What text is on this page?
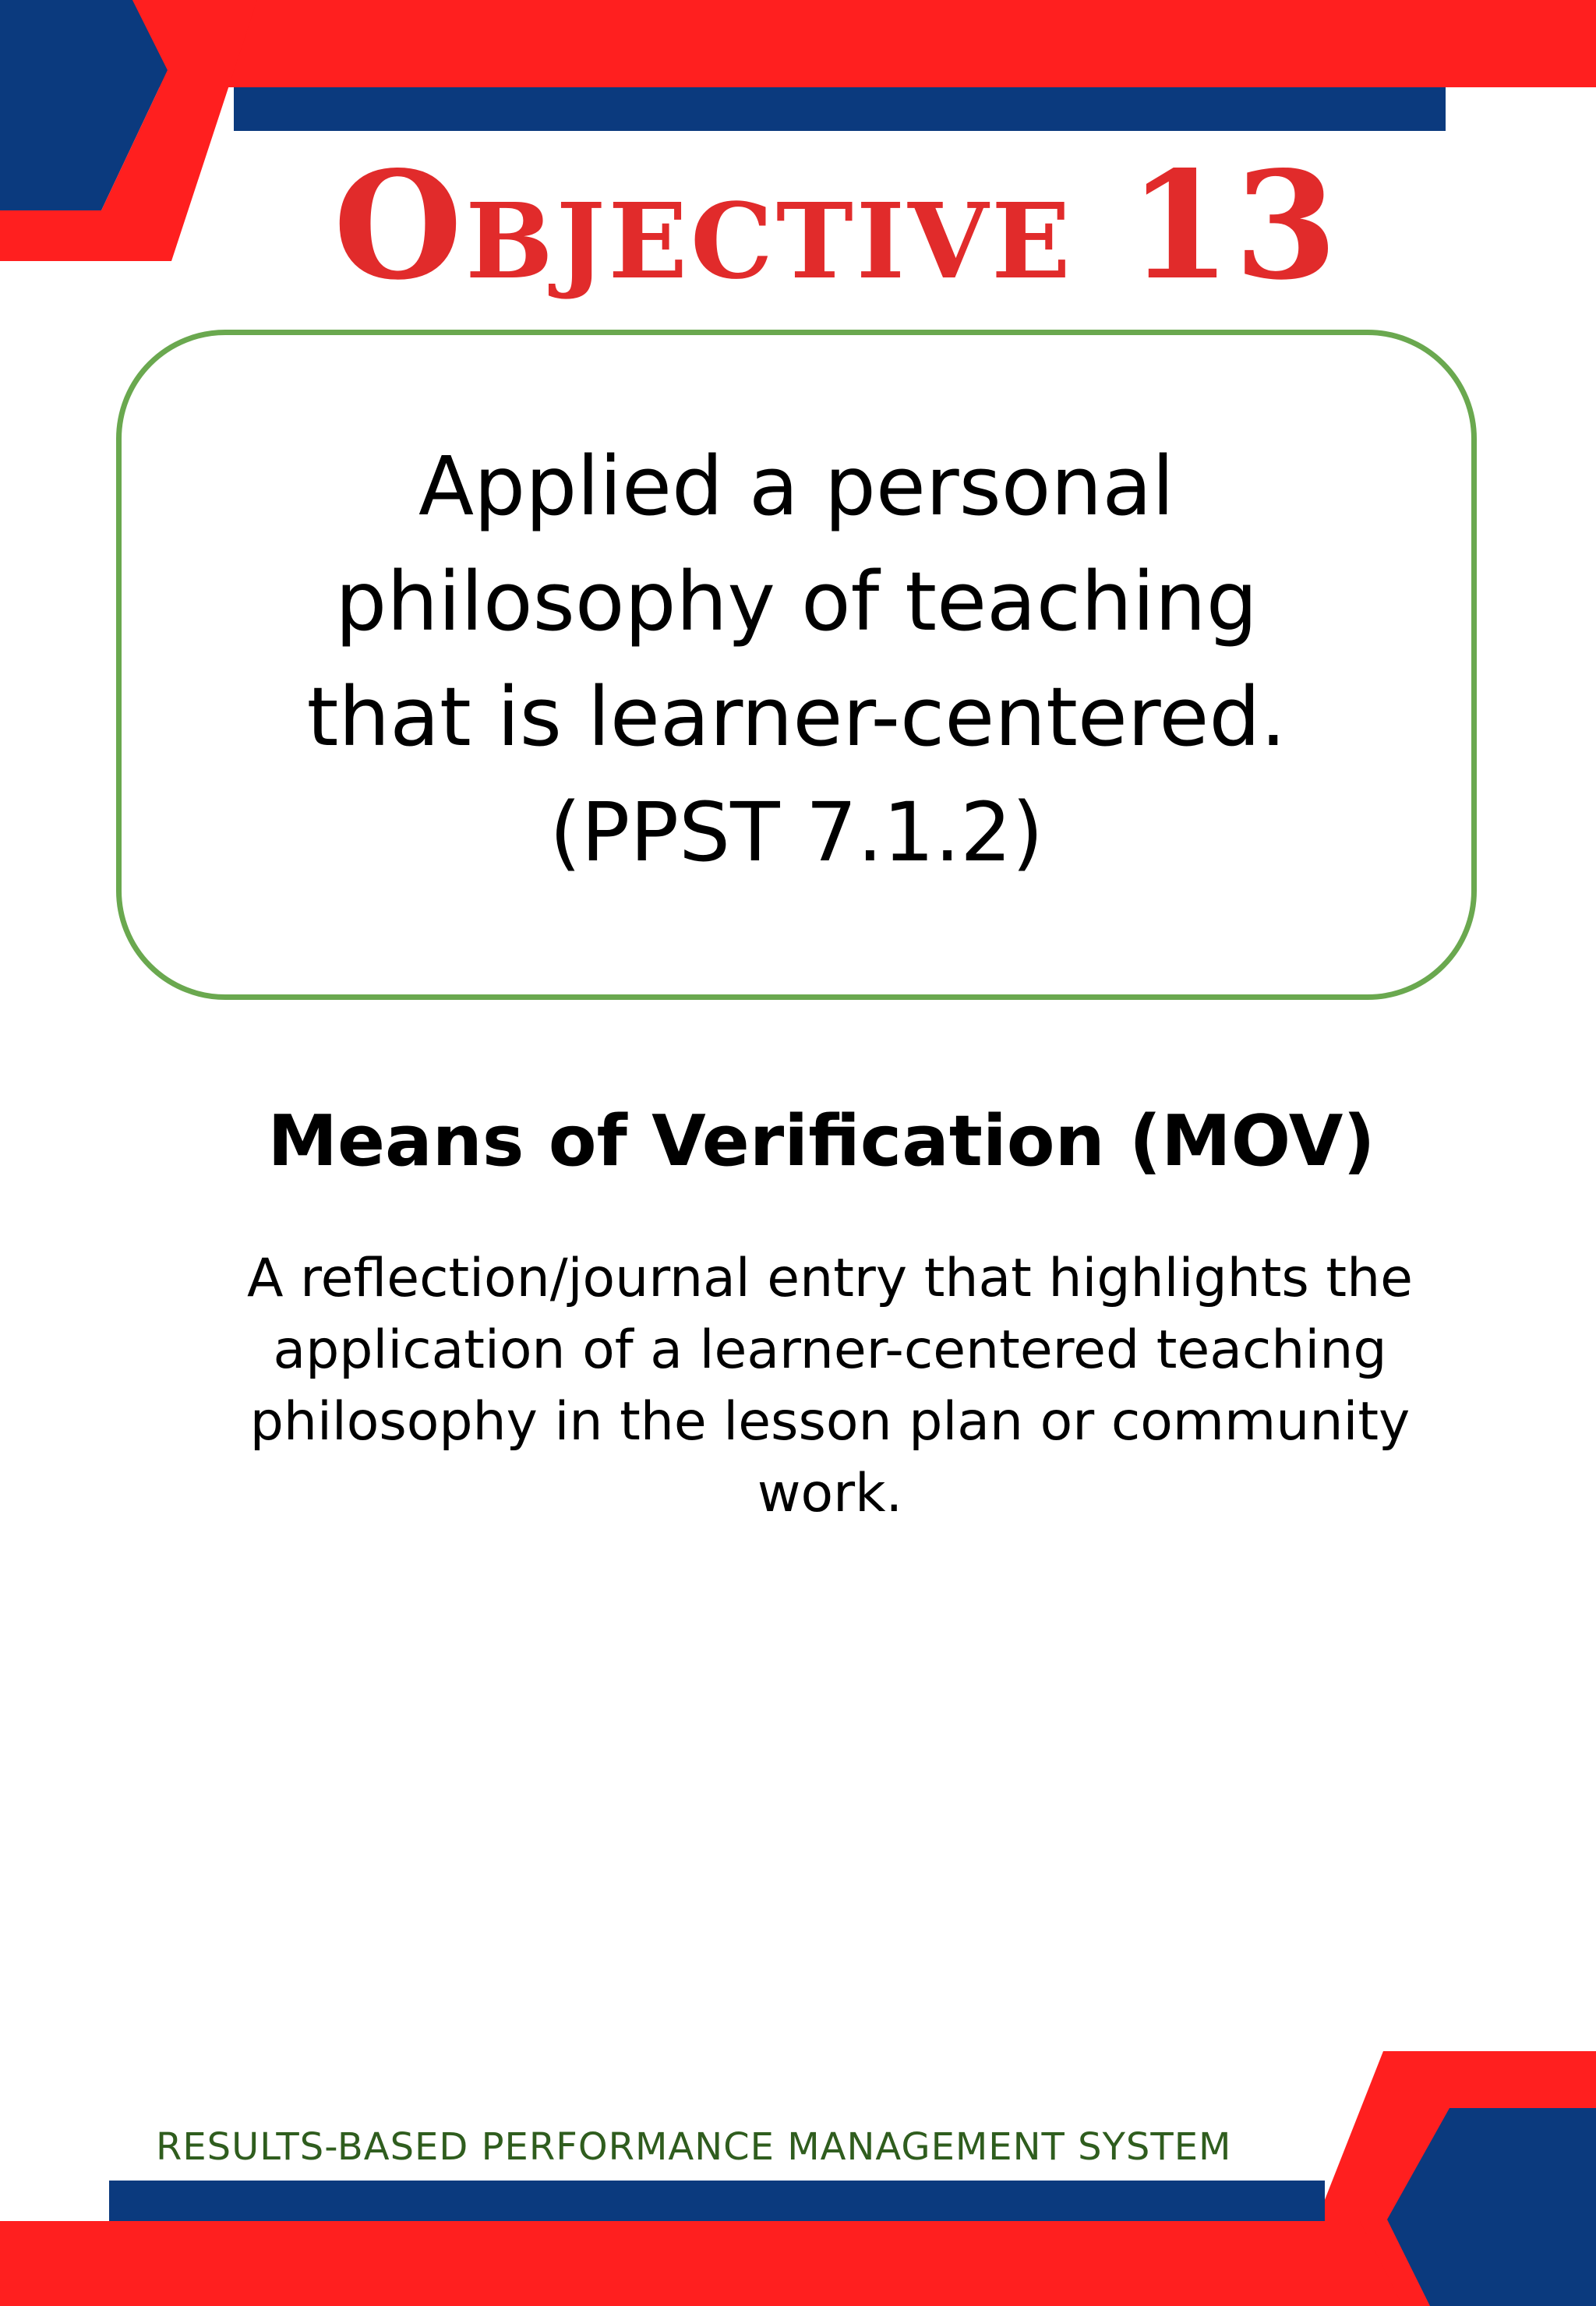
Objective 13
Applied a personal
philosophy of teaching
that is learner-centered.
(PPST 7.1.2)
Means of Verification (MOV)
A reflection/journal entry that highlights the application of a learner-centered teaching philosophy in the lesson plan or community work.
RESULTS-BASED PERFORMANCE MANAGEMENT SYSTEM
